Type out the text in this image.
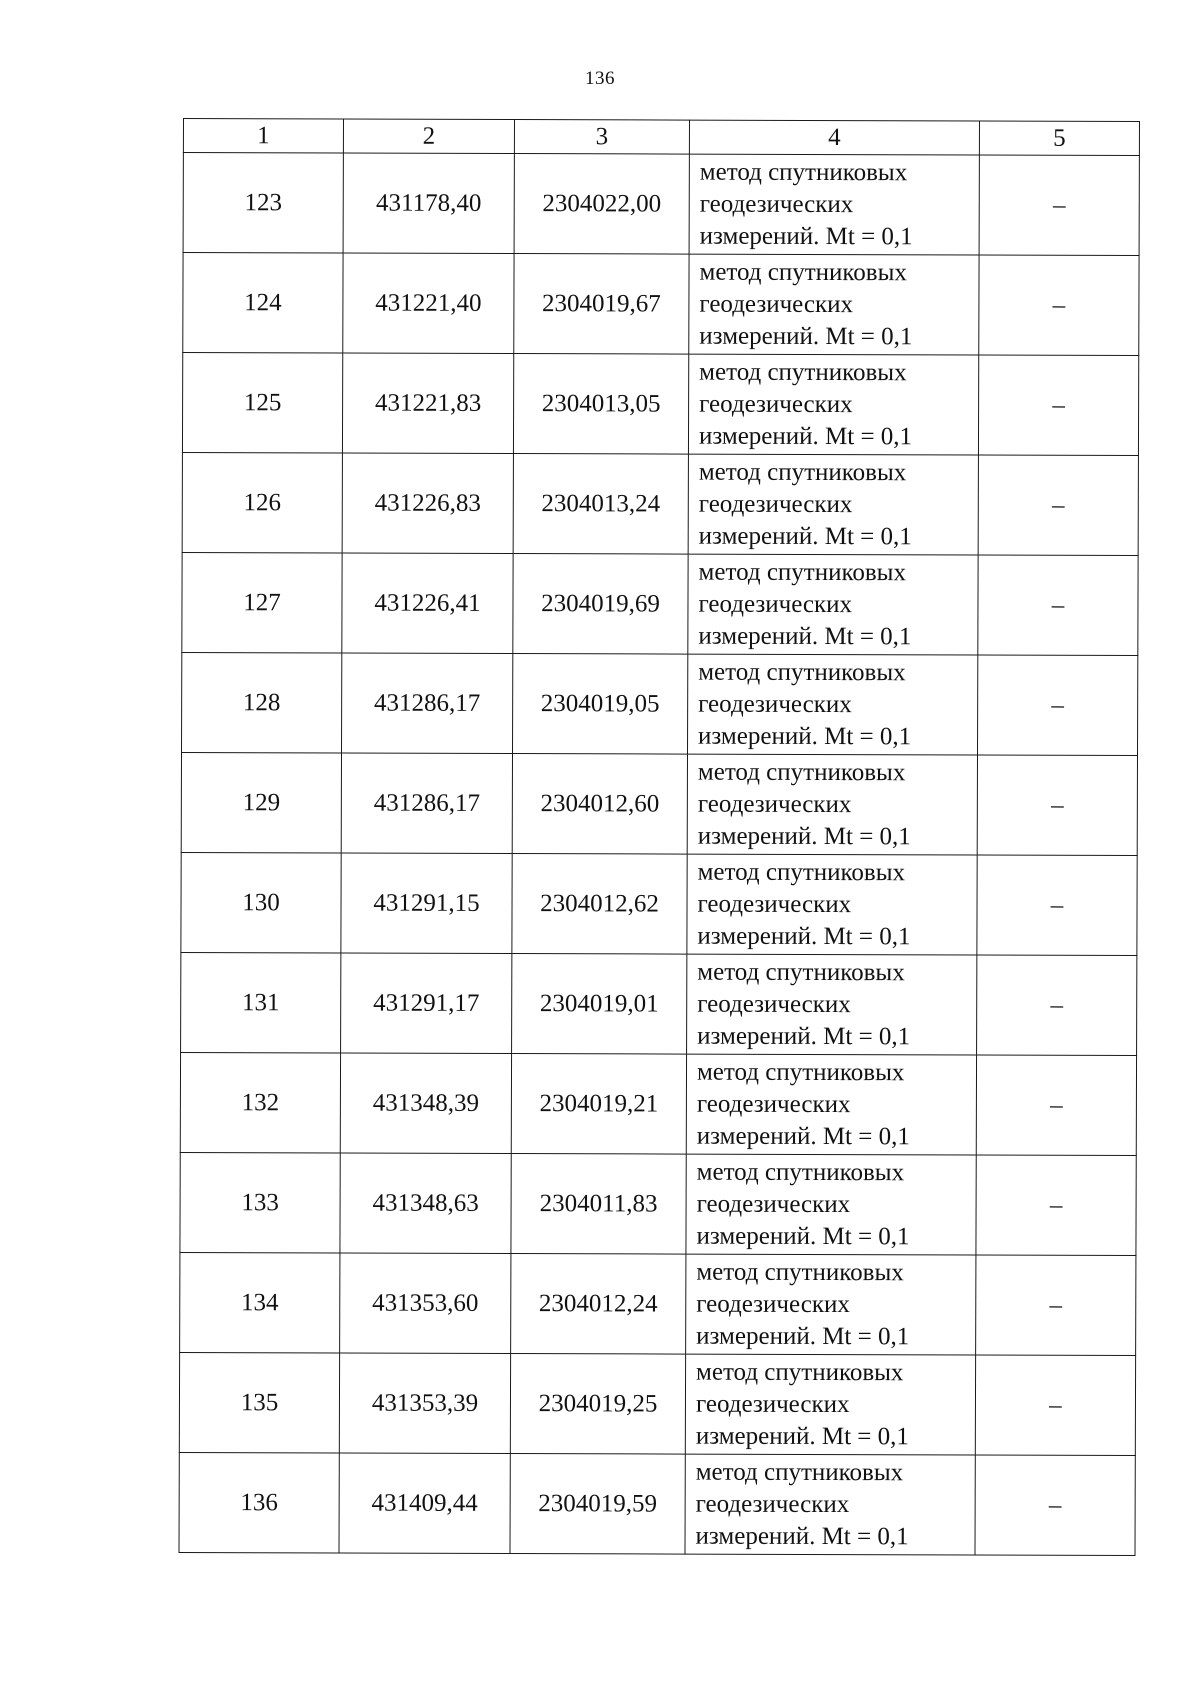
136
1	2	3	4	5
123	431178,40	2304022,00	метод спутниковых
геодезических
измерений. Mt = 0,1	–
124	431221,40	2304019,67	метод спутниковых
геодезических
измерений. Mt = 0,1	–
125	431221,83	2304013,05	метод спутниковых
геодезических
измерений. Mt = 0,1	–
126	431226,83	2304013,24	метод спутниковых
геодезических
измерений. Mt = 0,1	–
127	431226,41	2304019,69	метод спутниковых
геодезических
измерений. Mt = 0,1	–
128	431286,17	2304019,05	метод спутниковых
геодезических
измерений. Mt = 0,1	–
129	431286,17	2304012,60	метод спутниковых
геодезических
измерений. Mt = 0,1	–
130	431291,15	2304012,62	метод спутниковых
геодезических
измерений. Mt = 0,1	–
131	431291,17	2304019,01	метод спутниковых
геодезических
измерений. Mt = 0,1	–
132	431348,39	2304019,21	метод спутниковых
геодезических
измерений. Mt = 0,1	–
133	431348,63	2304011,83	метод спутниковых
геодезических
измерений. Mt = 0,1	–
134	431353,60	2304012,24	метод спутниковых
геодезических
измерений. Mt = 0,1	–
135	431353,39	2304019,25	метод спутниковых
геодезических
измерений. Mt = 0,1	–
136	431409,44	2304019,59	метод спутниковых
геодезических
измерений. Mt = 0,1	–
